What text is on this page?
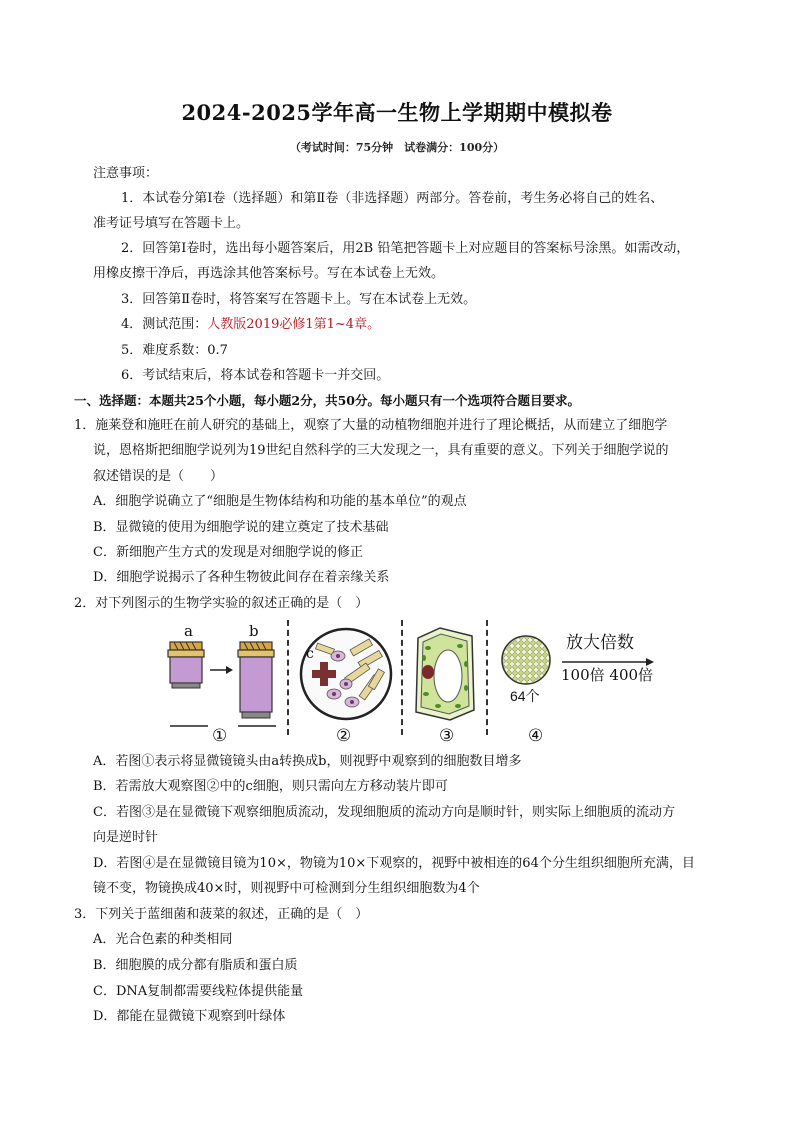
2024-2025学年高一生物上学期期中模拟卷
（考试时间：75分钟　试卷满分：100分）
注意事项：
1．本试卷分第Ⅰ卷（选择题）和第Ⅱ卷（非选择题）两部分。答卷前，考生务必将自己的姓名、
准考证号填写在答题卡上。
2．回答第Ⅰ卷时，选出每小题答案后，用2B 铅笔把答题卡上对应题目的答案标号涂黑。如需改动，
用橡皮擦干净后，再选涂其他答案标号。写在本试卷上无效。
3．回答第Ⅱ卷时，将答案写在答题卡上。写在本试卷上无效。
4．测试范围：人教版2019必修1第1~4章。
5．难度系数：0.7
6．考试结束后，将本试卷和答题卡一并交回。
一、选择题：本题共25个小题，每小题2分，共50分。每小题只有一个选项符合题目要求。
1．施莱登和施旺在前人研究的基础上，观察了大量的动植物细胞并进行了理论概括，从而建立了细胞学
说，恩格斯把细胞学说列为19世纪自然科学的三大发现之一，具有重要的意义。下列关于细胞学说的
叙述错误的是（　　）
A．细胞学说确立了“细胞是生物体结构和功能的基本单位”的观点
B．显微镜的使用为细胞学说的建立奠定了技术基础
C．新细胞产生方式的发现是对细胞学说的修正
D．细胞学说揭示了各种生物彼此间存在着亲缘关系
2．对下列图示的生物学实验的叙述正确的是（　）
a	b
c
64个
放大倍数
100倍 400倍
①	②	③	④
A．若图①表示将显微镜镜头由a转换成b，则视野中观察到的细胞数目增多
B．若需放大观察图②中的c细胞，则只需向左方移动装片即可
C．若图③是在显微镜下观察细胞质流动，发现细胞质的流动方向是顺时针，则实际上细胞质的流动方
向是逆时针
D．若图④是在显微镜目镜为10×，物镜为10×下观察的，视野中被相连的64个分生组织细胞所充满，目
镜不变，物镜换成40×时，则视野中可检测到分生组织细胞数为4个
3．下列关于蓝细菌和菠菜的叙述，正确的是（　）
A．光合色素的种类相同
B．细胞膜的成分都有脂质和蛋白质
C．DNA复制都需要线粒体提供能量
D．都能在显微镜下观察到叶绿体
